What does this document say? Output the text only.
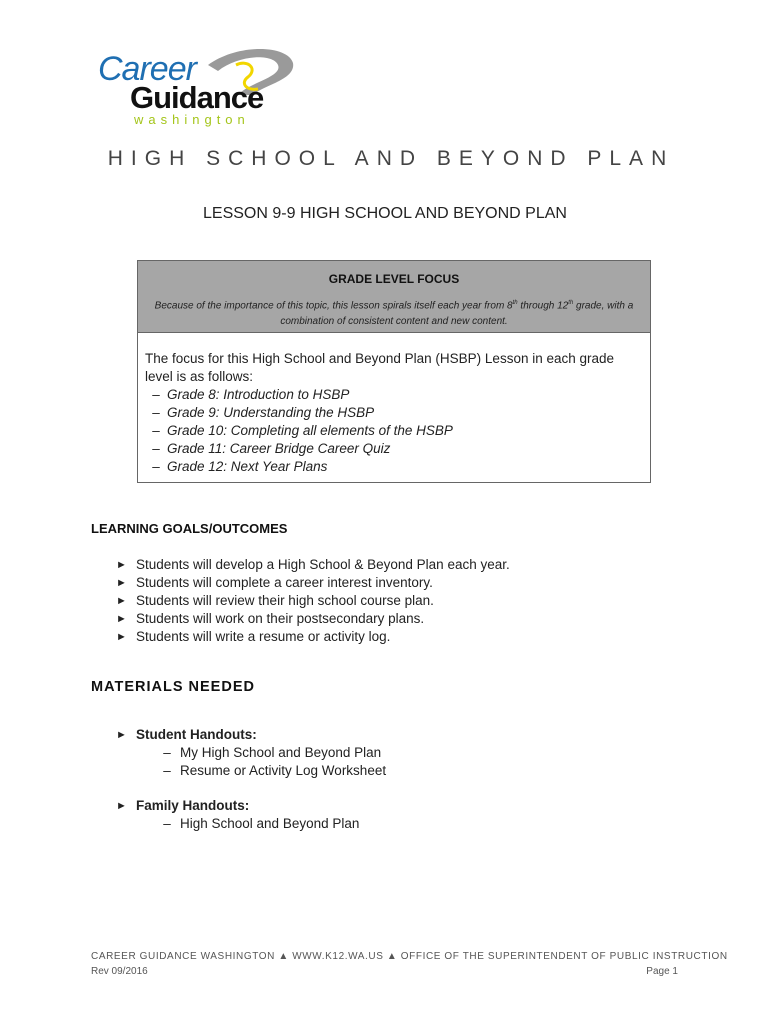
Career
Guidance
washington
HIGH SCHOOL AND BEYOND PLAN
LESSON 9-9 HIGH SCHOOL AND BEYOND PLAN
GRADE LEVEL FOCUS
Because of the importance of this topic, this lesson spirals itself each year from 8th through 12th grade, with a combination of consistent content and new content.
The focus for this High School and Beyond Plan (HSBP) Lesson in each grade level is as follows:
– Grade 8: Introduction to HSBP
– Grade 9: Understanding the HSBP
– Grade 10: Completing all elements of the HSBP
– Grade 11: Career Bridge Career Quiz
– Grade 12: Next Year Plans
LEARNING GOALS/OUTCOMES
► Students will develop a High School & Beyond Plan each year.
► Students will complete a career interest inventory.
► Students will review their high school course plan.
► Students will work on their postsecondary plans.
► Students will write a resume or activity log.
MATERIALS NEEDED
► Student Handouts:
– My High School and Beyond Plan
– Resume or Activity Log Worksheet
► Family Handouts:
– High School and Beyond Plan
CAREER GUIDANCE WASHINGTON ▲ WWW.K12.WA.US ▲ OFFICE OF THE SUPERINTENDENT OF PUBLIC INSTRUCTION
Rev 09/2016	Page 1
